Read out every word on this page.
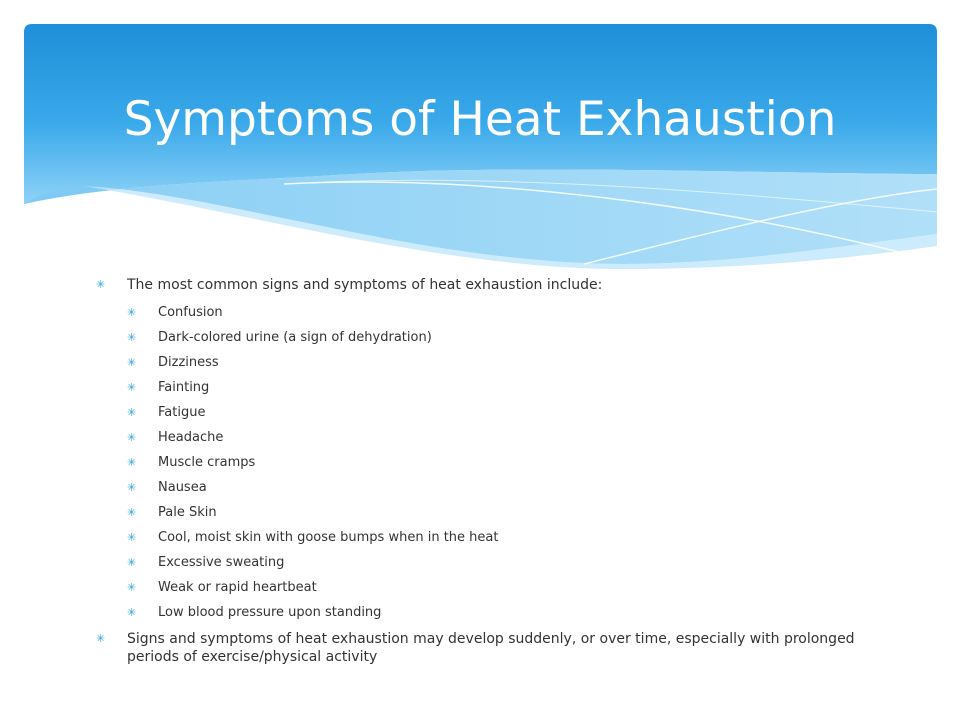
Symptoms of Heat Exhaustion
✳ The most common signs and symptoms of heat exhaustion include:
✳ Confusion
✳ Dark-colored urine (a sign of dehydration)
✳ Dizziness
✳ Fainting
✳ Fatigue
✳ Headache
✳ Muscle cramps
✳ Nausea
✳ Pale Skin
✳ Cool, moist skin with goose bumps when in the heat
✳ Excessive sweating
✳ Weak or rapid heartbeat
✳ Low blood pressure upon standing
✳ Signs and symptoms of heat exhaustion may develop suddenly, or over time, especially with prolonged periods of exercise/physical activity
